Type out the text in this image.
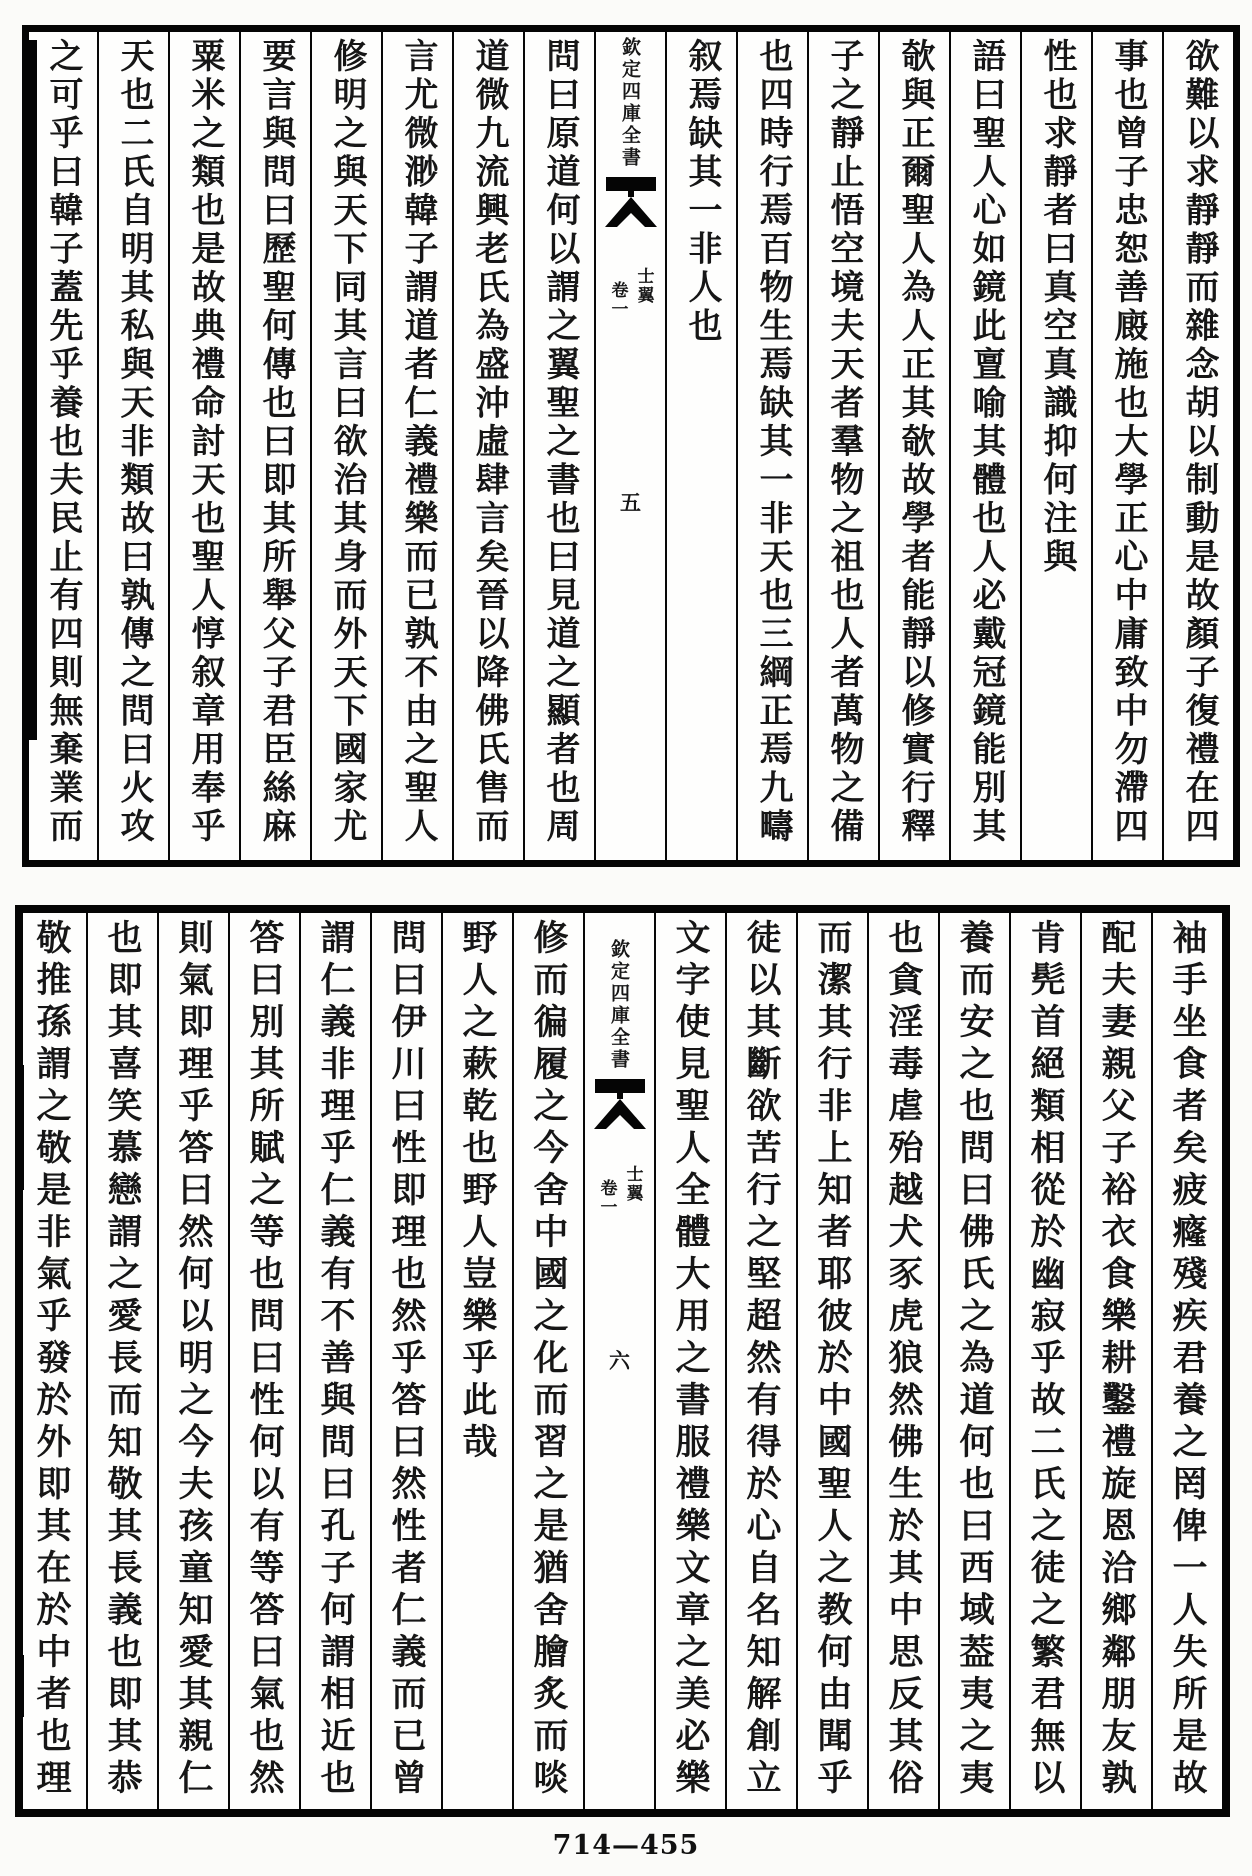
欲難以求靜靜而雜念胡以制動是故顏子復禮在四
事也曾子忠恕善廄施也大學正心中庸致中勿滯四
性也求靜者曰真空真識抑何注與
語曰聖人心如鏡此亶喻其體也人必戴冠鏡能別其
欹與正爾聖人為人正其欹故學者能靜以修實行釋
子之靜止悟空境夫天者羣物之祖也人者萬物之備
也四時行焉百物生焉缺其一非天也三綱正焉九疇
叙焉缺其一非人也
欽定四庫全書
士翼
卷一
五
問曰原道何以謂之翼聖之書也曰見道之顯者也周
道微九流興老氏為盛沖虛肆言矣晉以降佛氏售而
言尤微渺韓子謂道者仁義禮樂而已孰不由之聖人
修明之與天下同其言曰欲治其身而外天下國家尤
要言與問曰歷聖何傳也曰即其所舉父子君臣絲麻
粟米之類也是故典禮命討天也聖人惇叙章用奉乎
天也二氏自明其私與天非類故曰孰傳之問曰火攻
之可乎曰韓子蓋先乎養也夫民止有四則無棄業而
袖手坐食者矣疲癃殘疾君養之罔俾一人失所是故
配夫妻親父子裕衣食樂耕鑿禮旋恩洽鄉鄰朋友孰
肯髡首絕類相從於幽寂乎故二氏之徒之繁君無以
養而安之也問曰佛氏之為道何也曰西域葢夷之夷
也貪淫毒虐殆越犬豕虎狼然佛生於其中思反其俗
而潔其行非上知者耶彼於中國聖人之教何由聞乎
徒以其斷欲苦行之堅超然有得於心自名知解創立
文字使見聖人全體大用之書服禮樂文章之美必樂
欽定四庫全書
士翼
卷一
六
修而徧履之今舍中國之化而習之是猶舍膾炙而啖
野人之蔌乾也野人豈樂乎此哉
問曰伊川曰性即理也然乎答曰然性者仁義而已曾
謂仁義非理乎仁義有不善與問曰孔子何謂相近也
答曰別其所賦之等也問曰性何以有等答曰氣也然
則氣即理乎答曰然何以明之今夫孩童知愛其親仁
也即其喜笑慕戀謂之愛長而知敬其長義也即其恭
敬推孫謂之敬是非氣乎發於外即其在於中者也理
714—455
